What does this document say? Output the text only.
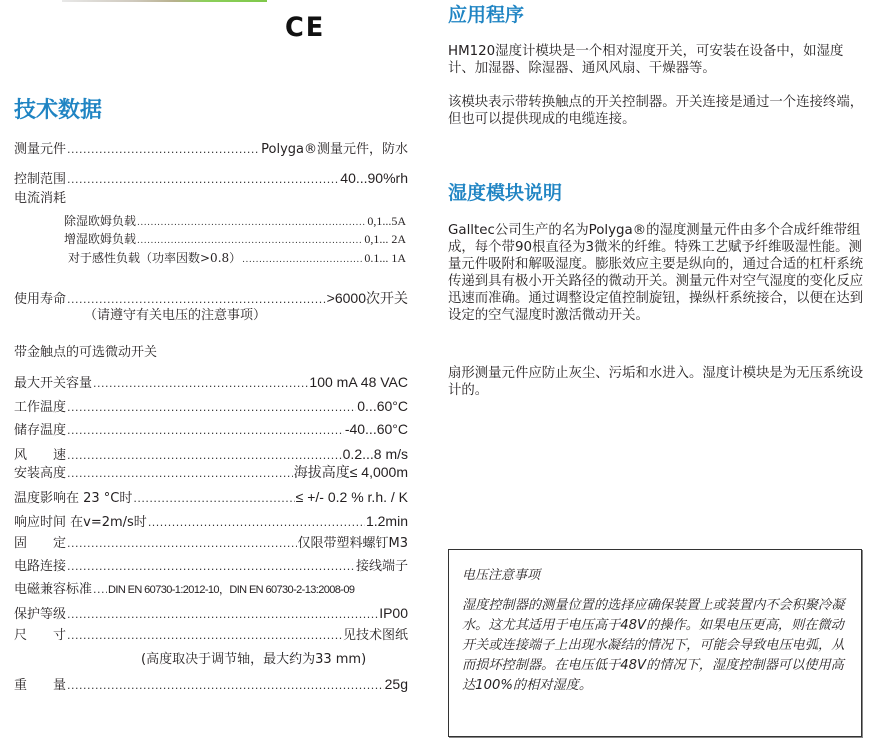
CE
技术数据
测量元件 .....	Polyga®测量元件，防水
控制范围 .....	40...90%rh
电流消耗
除湿欧姆负载 .....	0,1...5A
增湿欧姆负载 .....	0,1... 2A
对于感性负载（功率因数>0.8） .....	0.1... 1A
使用寿命 .....	>6000次开关
（请遵守有关电压的注意事项）
带金触点的可选微动开关
最大开关容量 .....	100 mA 48 VAC
工作温度 .....	0...60°C
储存温度 .....	-40...60°C
风　　速 .....	0.2...8 m/s
安装高度 .....	海拔高度≤ 4,000m
温度影响在 23 °C时 .....	≤ +/- 0.2 % r.h. / K
响应时间 在v=2m/s时 .....	1.2min
固　　定 .....	仅限带塑料螺钉M3
电路连接 .....	接线端子
电磁兼容标准 ..... DIN EN 60730-1:2012-10，DIN EN 60730-2-13:2008-09
保护等级 .....	IP00
尺　　寸 .....	见技术图纸
(高度取决于调节轴，最大约为33 mm)
重　　量 .....	25g
应用程序

HM120湿度计模块是一个相对湿度开关，可安装在设备中，如湿度计、加湿器、除湿器、通风风扇、干燥器等。

该模块表示带转换触点的开关控制器。开关连接是通过一个连接终端，但也可以提供现成的电缆连接。

湿度模块说明

Galltec公司生产的名为Polyga®的湿度测量元件由多个合成纤维带组成，每个带90根直径为3微米的纤维。特殊工艺赋予纤维吸湿性能。测量元件吸附和解吸湿度。膨胀效应主要是纵向的，通过合适的杠杆系统传递到具有极小开关路径的微动开关。测量元件对空气湿度的变化反应迅速而准确。通过调整设定值控制旋钮，操纵杆系统接合，以便在达到设定的空气湿度时激活微动开关。

扇形测量元件应防止灰尘、污垢和水进入。湿度计模块是为无压系统设计的。

电压注意事项

湿度控制器的测量位置的选择应确保装置上或装置内不会积聚冷凝水。这尤其适用于电压高于48V的操作。如果电压更高，则在微动开关或连接端子上出现水凝结的情况下，可能会导致电压电弧，从而损坏控制器。在电压低于48V的情况下，湿度控制器可以使用高达100%的相对湿度。
